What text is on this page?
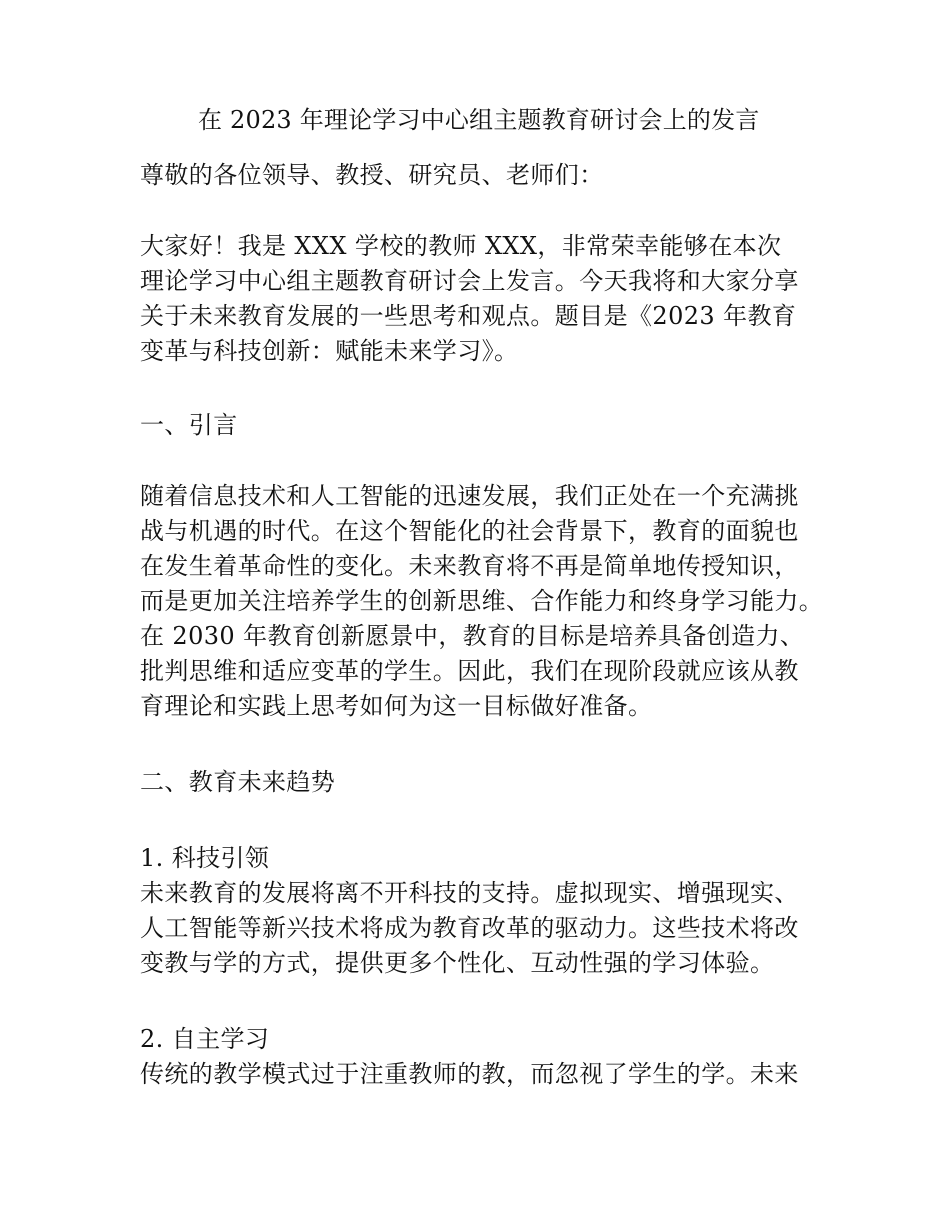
在 2023 年理论学习中心组主题教育研讨会上的发言
尊敬的各位领导、教授、研究员、老师们：
大家好！我是 XXX 学校的教师 XXX，非常荣幸能够在本次
理论学习中心组主题教育研讨会上发言。今天我将和大家分享
关于未来教育发展的一些思考和观点。题目是《2023 年教育
变革与科技创新：赋能未来学习》。
一、引言
随着信息技术和人工智能的迅速发展，我们正处在一个充满挑
战与机遇的时代。在这个智能化的社会背景下，教育的面貌也
在发生着革命性的变化。未来教育将不再是简单地传授知识，
而是更加关注培养学生的创新思维、合作能力和终身学习能力。
在 2030 年教育创新愿景中，教育的目标是培养具备创造力、
批判思维和适应变革的学生。因此，我们在现阶段就应该从教
育理论和实践上思考如何为这一目标做好准备。
二、教育未来趋势
1. 科技引领
未来教育的发展将离不开科技的支持。虚拟现实、增强现实、
人工智能等新兴技术将成为教育改革的驱动力。这些技术将改
变教与学的方式，提供更多个性化、互动性强的学习体验。
2. 自主学习
传统的教学模式过于注重教师的教，而忽视了学生的学。未来
